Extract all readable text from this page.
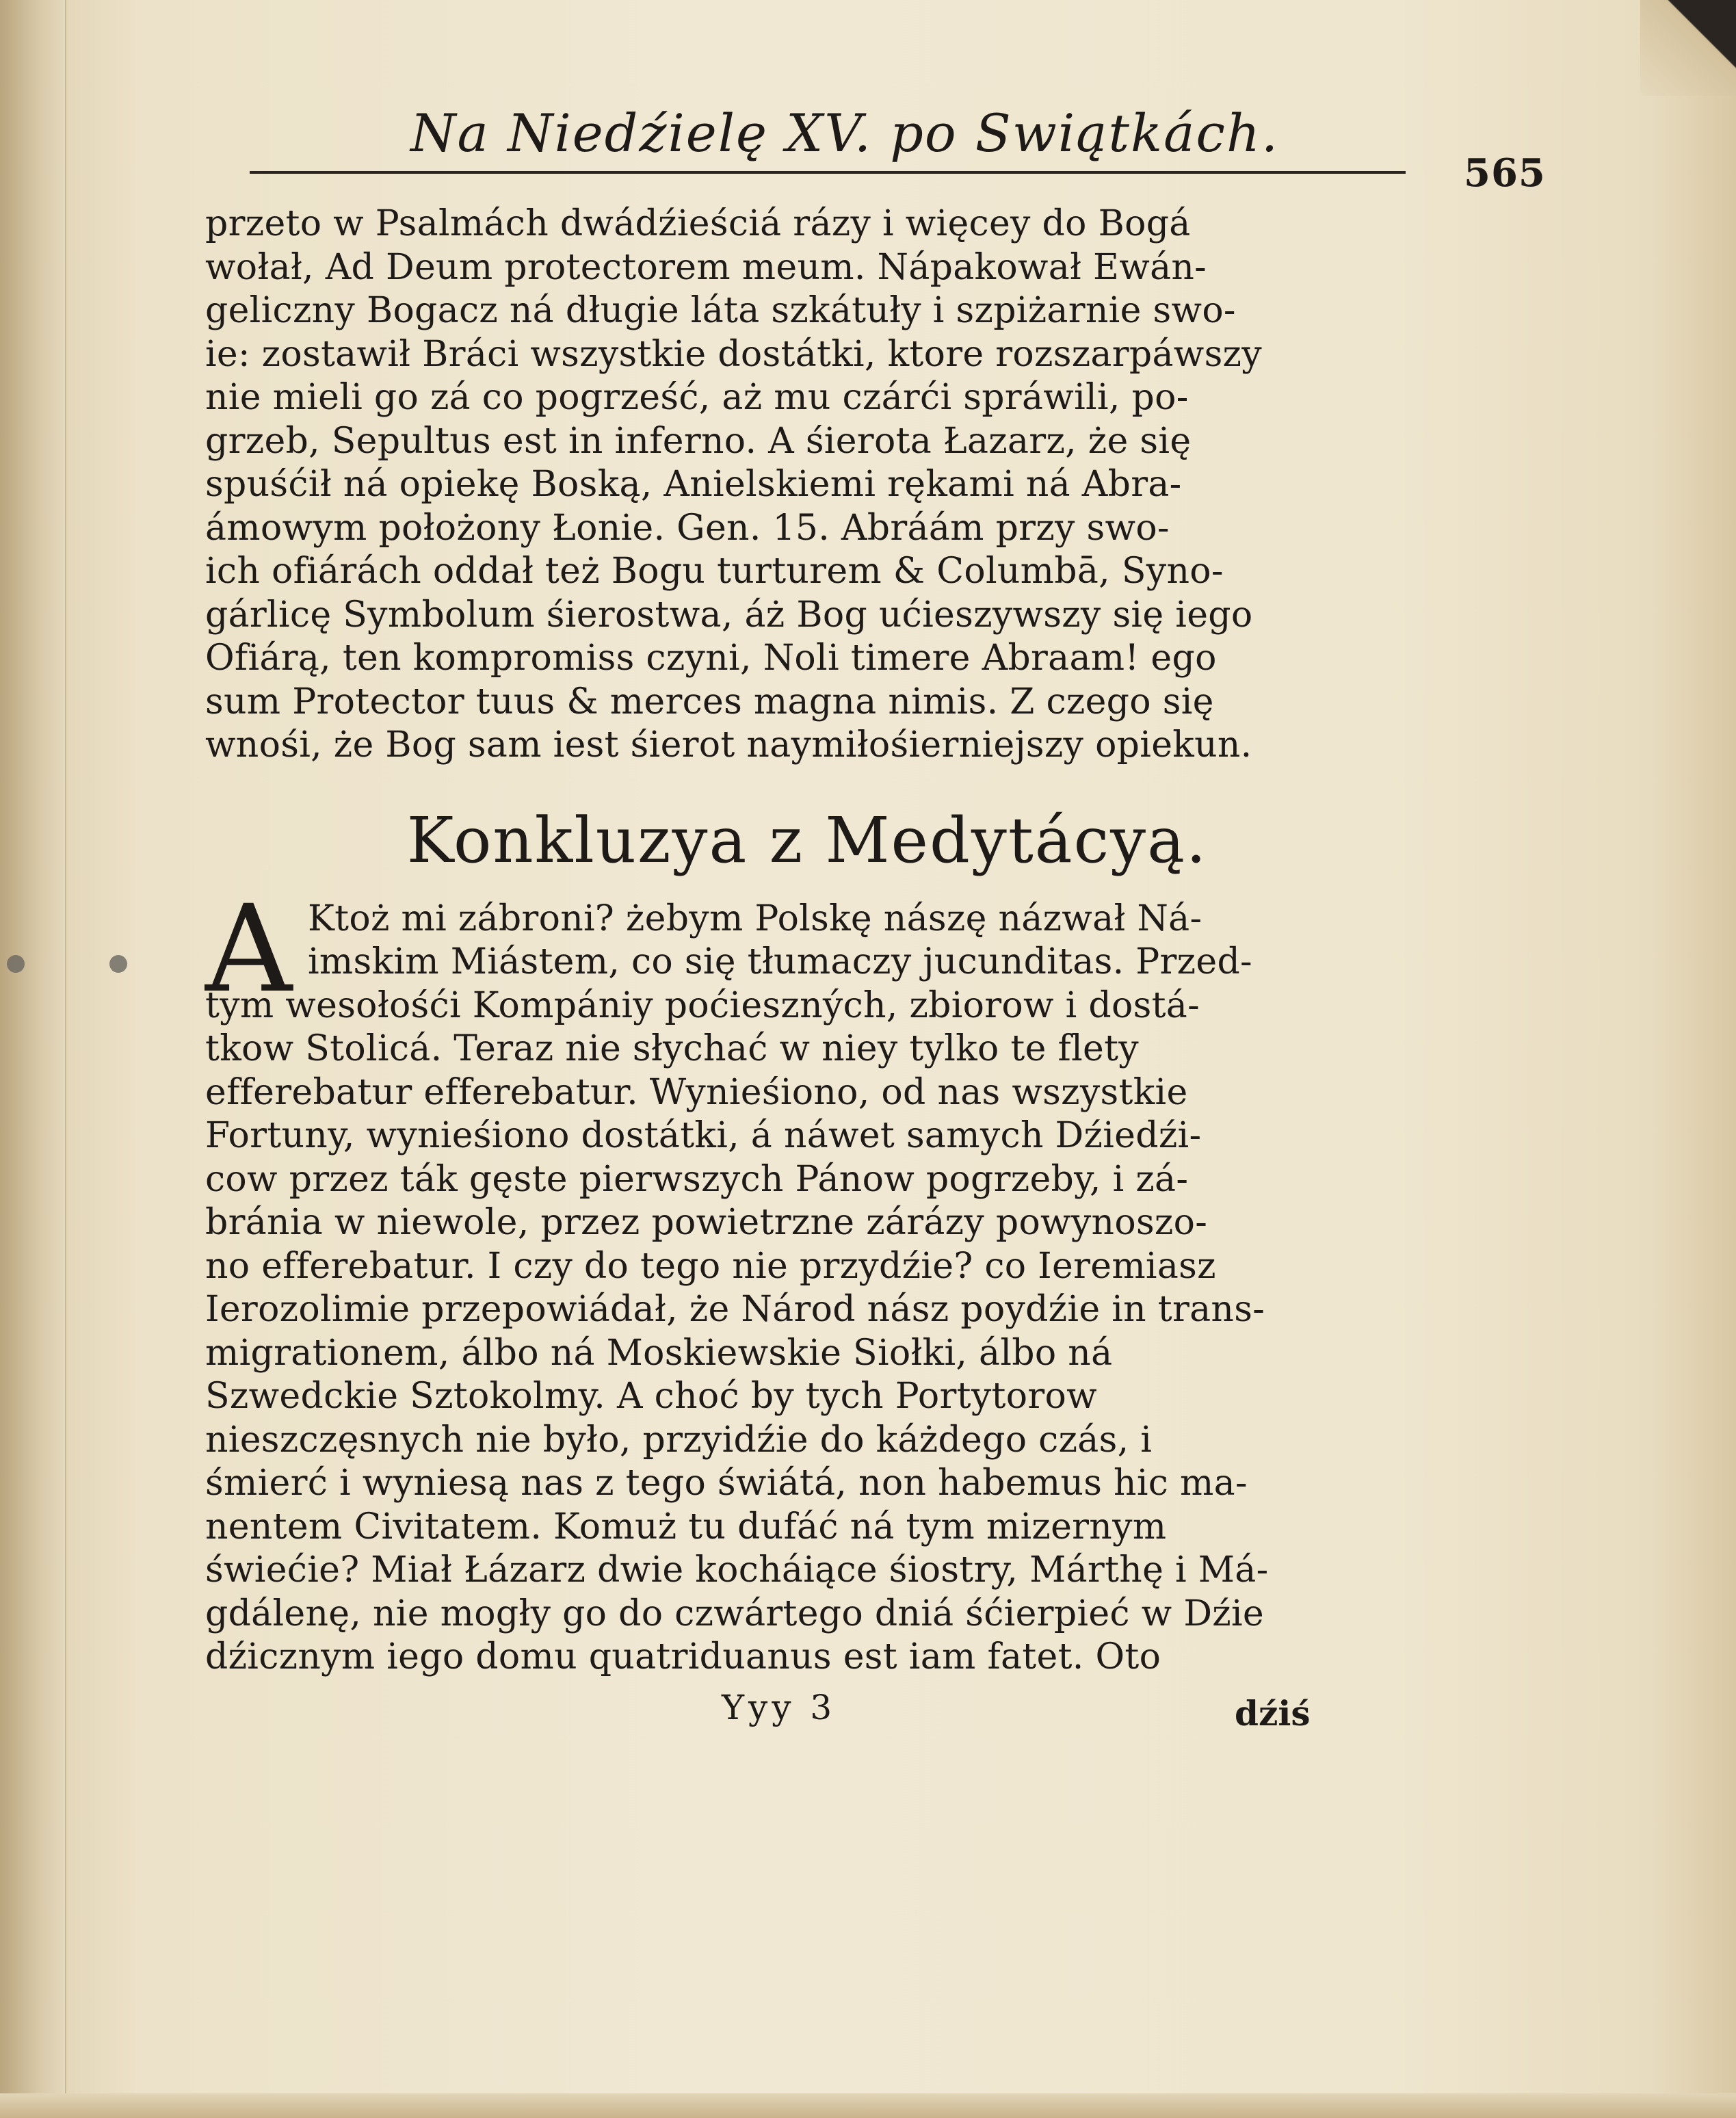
Na Niedźielę XV. po Swiątkách.
565
przeto w Psalmách dwádźieściá rázy i więcey do Bogá
wołał, Ad Deum protectorem meum. Nápakował Ewán-
geliczny Bogacz ná długie láta szkátuły i szpiżarnie swo-
ie: zostawił Bráci wszystkie dostátki, ktore rozszarpáwszy
nie mieli go zá co pogrześć, aż mu czárći spráwili, po-
grzeb, Sepultus est in inferno. A śierota Łazarz, że się
spuśćił ná opiekę Boską, Anielskiemi rękami ná Abra-
ámowym położony Łonie. Gen. 15. Abráám przy swo-
ich ofiárách oddał też Bogu turturem & Columbā, Syno-
gárlicę Symbolum śierostwa, áż Bog ućieszywszy się iego
Ofiárą, ten kompromiss czyni, Noli timere Abraam! ego
sum Protector tuus & merces magna nimis. Z czego się
wnośi, że Bog sam iest śierot naymiłośierniejszy opiekun.
Konkluzya z Medytácyą.
A Ktoż mi zábroni? żebym Polskę nászę názwał Ná-
imskim Miástem, co się tłumaczy jucunditas. Przed-
tym wesołośći Kompániy poćieszných, zbiorow i dostá-
tkow Stolicá. Teraz nie słychać w niey tylko te flety
efferebatur efferebatur. Wynieśiono, od nas wszystkie
Fortuny, wynieśiono dostátki, á náwet samych Dźiedźi-
cow przez ták gęste pierwszych Pánow pogrzeby, i zá-
bránia w niewole, przez powietrzne zárázy powynoszo-
no efferebatur. I czy do tego nie przydźie? co Ieremiasz
Ierozolimie przepowiádał, że Národ nász poydźie in trans-
migrationem, álbo ná Moskiewskie Siołki, álbo ná
Szwedckie Sztokolmy. A choć by tych Portytorow
nieszczęsnych nie było, przyidźie do káżdego czás, i
śmierć i wyniesą nas z tego świátá, non habemus hic ma-
nentem Civitatem. Komuż tu dufáć ná tym mizernym
świećie? Miał Łázarz dwie kocháiące śiostry, Márthę i Má-
gdálenę, nie mogły go do czwártego dniá śćierpieć w Dźie
dźicznym iego domu quatriduanus est iam fatet. Oto
Yyy 3	dźiś
